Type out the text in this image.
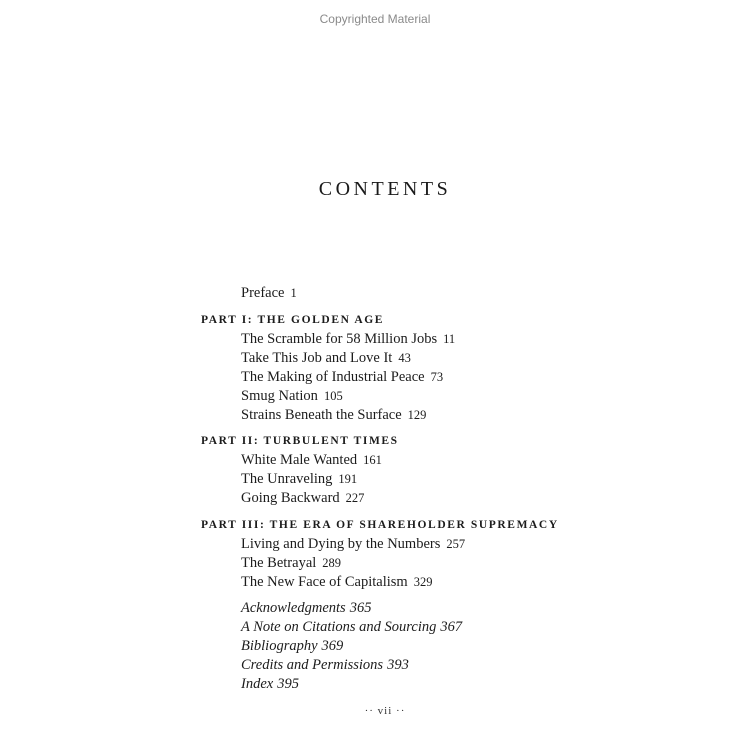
Copyrighted Material
CONTENTS
Preface 1
PART I: THE GOLDEN AGE
The Scramble for 58 Million Jobs 11
Take This Job and Love It 43
The Making of Industrial Peace 73
Smug Nation 105
Strains Beneath the Surface 129
PART II: TURBULENT TIMES
White Male Wanted 161
The Unraveling 191
Going Backward 227
PART III: THE ERA OF SHAREHOLDER SUPREMACY
Living and Dying by the Numbers 257
The Betrayal 289
The New Face of Capitalism 329
Acknowledgments 365
A Note on Citations and Sourcing 367
Bibliography 369
Credits and Permissions 393
Index 395
·· vii ··
